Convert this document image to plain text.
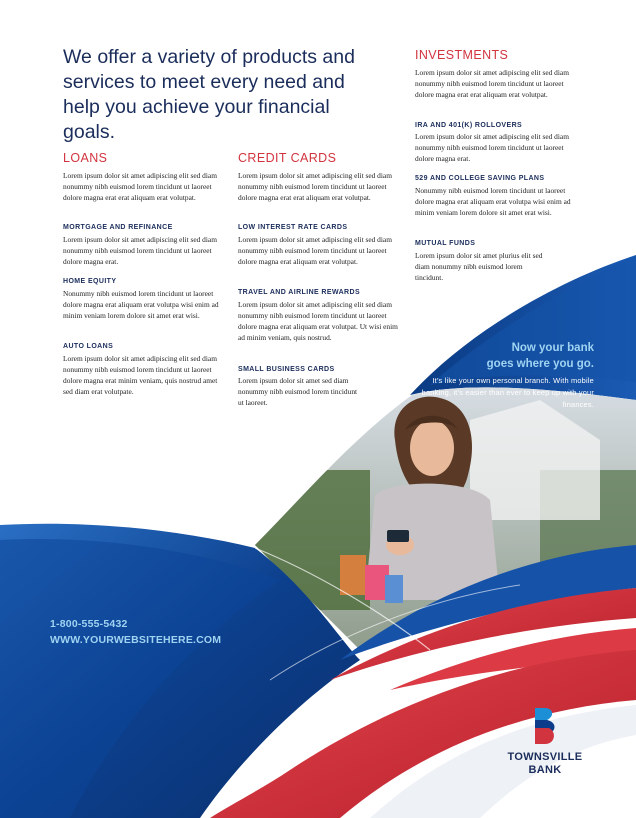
We offer a variety of products and services to meet every need and help you achieve your financial goals.
LOANS

Lorem ipsum dolor sit amet adipiscing elit sed diam nonummy nibh euismod lorem tincidunt ut laoreet dolore magna erat erat aliquam erat volutpat.

MORTGAGE AND REFINANCE

Lorem ipsum dolor sit amet adipiscing elit sed diam nonummy nibh euismod lorem tincidunt ut laoreet dolore magna erat.

HOME EQUITY

Nonummy nibh euismod lorem tincidunt ut laoreet dolore magna erat aliquam erat volutpa wisi enim ad minim veniam lorem dolore sit amet erat wisi.

AUTO LOANS

Lorem ipsum dolor sit amet adipiscing elit sed diam nonummy nibh euismod lorem tincidunt ut laoreet dolore magna erat minim veniam, quis nostrud amet sed diam erat volutpate.

CREDIT CARDS

Lorem ipsum dolor sit amet adipiscing elit sed diam nonummy nibh euismod lorem tincidunt ut laoreet dolore magna erat erat aliquam erat volutpat.

LOW INTEREST RATE CARDS

Lorem ipsum dolor sit amet adipiscing elit sed diam nonummy nibh euismod lorem tincidunt ut laoreet dolore magna erat aliquam erat volutpat.

TRAVEL AND AIRLINE REWARDS

Lorem ipsum dolor sit amet adipiscing elit sed diam nonummy nibh euismod lorem tincidunt ut laoreet dolore magna erat aliquam erat volutpat. Ut wisi enim ad minim veniam, quis nostrud.

SMALL BUSINESS CARDS

Lorem ipsum dolor sit amet sed diam nonummy nibh euismod lorem tincidunt ut laoreet.

INVESTMENTS

Lorem ipsum dolor sit amet adipiscing elit sed diam nonummy nibh euismod lorem tincidunt ut laoreet dolore magna erat erat aliquam erat volutpat.

IRA AND 401(K) ROLLOVERS

Lorem ipsum dolor sit amet adipiscing elit sed diam nonummy nibh euismod lorem tincidunt ut laoreet dolore magna erat.

529 AND COLLEGE SAVING PLANS

Nonummy nibh euismod lorem tincidunt ut laoreet dolore magna erat aliquam erat volutpa wisi enim ad minim veniam lorem dolore sit amet erat wisi.

MUTUAL FUNDS

Lorem ipsum dolor sit amet plurius elit sed diam nonummy nibh euismod lorem tincidunt.

Now your bank
goes where you go.

It’s like your own personal branch. With mobile banking, it’s easier than ever to keep up with your finances.

1-800-555-5432
WWW.YOURWEBSITEHERE.COM
TOWNSVILLE
BANK
